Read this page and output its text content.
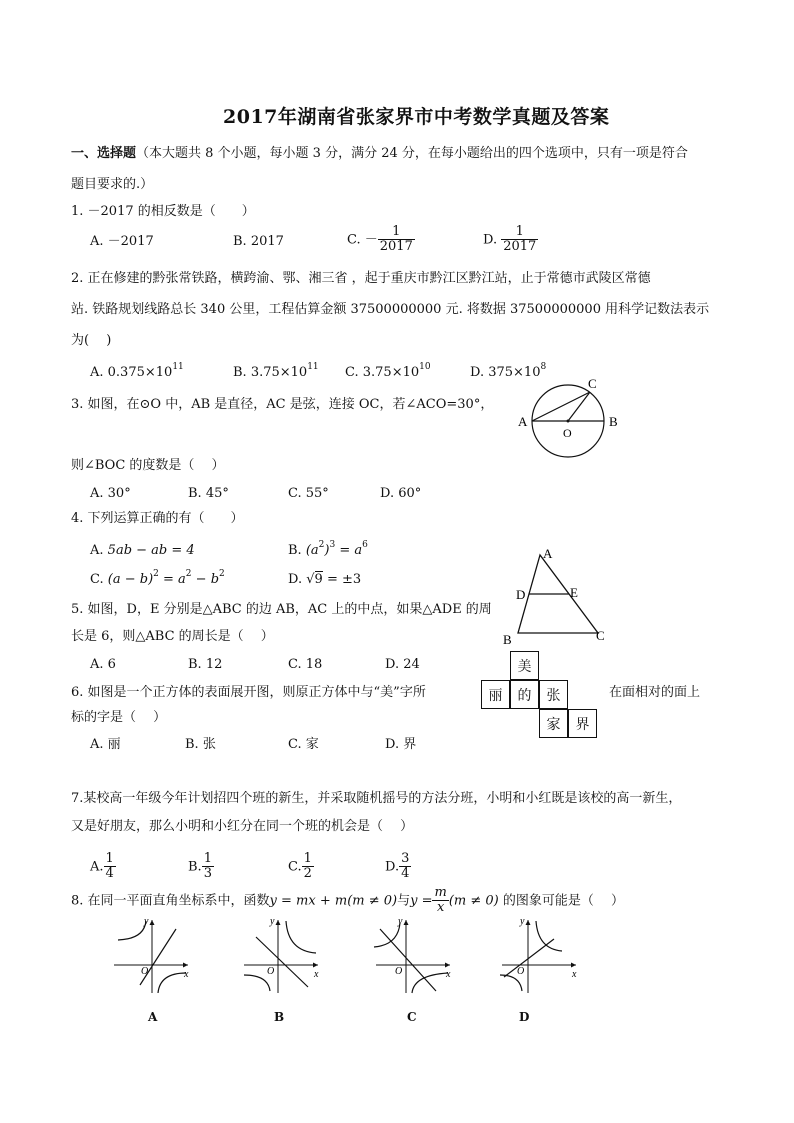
2017年湖南省张家界市中考数学真题及答案
一、选择题（本大题共 8 个小题，每小题 3 分，满分 24 分，在每小题给出的四个选项中，只有一项是符合
题目要求的.）
1. －2017 的相反数是（　　）
A. －2017	B. 2017	C. － $\frac{1}{2017}$	D. $\frac{1}{2017}$
2. 正在修建的黔张常铁路，横跨渝、鄂、湘三省 ，起于重庆市黔江区黔江站，止于常德市武陵区常德
站. 铁路规划线路总长 340 公里，工程估算金额 37500000000 元. 将数据 37500000000 用科学记数法表示
为(　 )
A. $0.375\times 10^{11}$	B. $3.75\times 10^{11}$ C. $3.75\times 10^{10}$	D. $375\times 10^8$
3. 如图，在⊙O 中，AB 是直径，AC 是弦，连接 OC，若∠ACO=30°，
A	B
C
O
则∠BOC 的度数是（　 ）
A. 30°	B. 45°	C. 55°	D. 60°
4. 下列运算正确的有（　　）
A. 5ab − ab = 4	B. $(a^2)^3 = a^6$
C. $(a - b)^2 = a^2 - b^2$	D. √9 = ±3
A
B	C
D	E
5. 如图，D，E 分别是△ABC 的边 AB，AC 上的中点，如果△ADE 的周
长是 6，则△ABC 的周长是（　 ）
A. 6	B. 12	C. 18	D. 24	美
丽	的	张
家	界
6. 如图是一个正方体的表面展开图，则原正方体中与“美”字所	在面相对的面上
标的字是（　 ）
A. 丽	B. 张	C. 家	D. 界
7.某校高一年级今年计划招四个班的新生，并采取随机摇号的方法分班，小明和小红既是该校的高一新生，
又是好朋友，那么小明和小红分在同一个班的机会是（　 ）
A. $\frac{1}{4}$	B. $\frac{1}{3}$	C. $\frac{1}{2}$	D. $\frac{3}{4}$
8. 在同一平面直角坐标系中，函数y = mx + m(m ≠ 0)与$y = \frac{m}{x} (m \ne 0)$ 的图象可能是（　 ）
y
x
O
y
x
O
y
x
O
y
x
O
A	B	C	D
